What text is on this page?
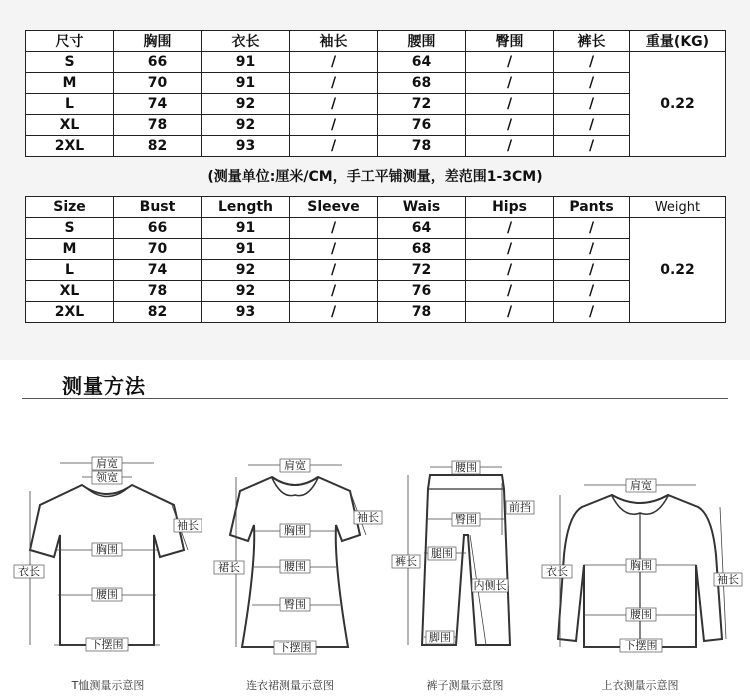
尺寸	胸围	衣长	袖长	腰围	臀围	裤长	重量(KG)
S	66	91	/	64	/	/	0.22
M	70	91	/	68	/	/	
L	74	92	/	72	/	/	
XL	78	92	/	76	/	/	
2XL	82	93	/	78	/	/	
(测量单位:厘米/CM，手工平铺测量，差范围1-3CM)
Size	Bust	Length	Sleeve	Wais	Hips	Pants	Weight
S	66	91	/	64	/	/	0.22
M	70	91	/	68	/	/	
L	74	92	/	72	/	/	
XL	78	92	/	76	/	/	
2XL	82	93	/	78	/	/	
测量方法
肩宽
领宽
袖长
胸围
衣长
腰围
下摆围
肩宽
袖长
胸围
裙长	腰围
臀围
下摆围
腰围
前挡
臀围
裤长
腿围
内侧长
脚围
肩宽
胸围
衣长
袖长
腰围
下摆围
T恤测量示意图	连衣裙测量示意图	裤子测量示意图	上衣测量示意图
